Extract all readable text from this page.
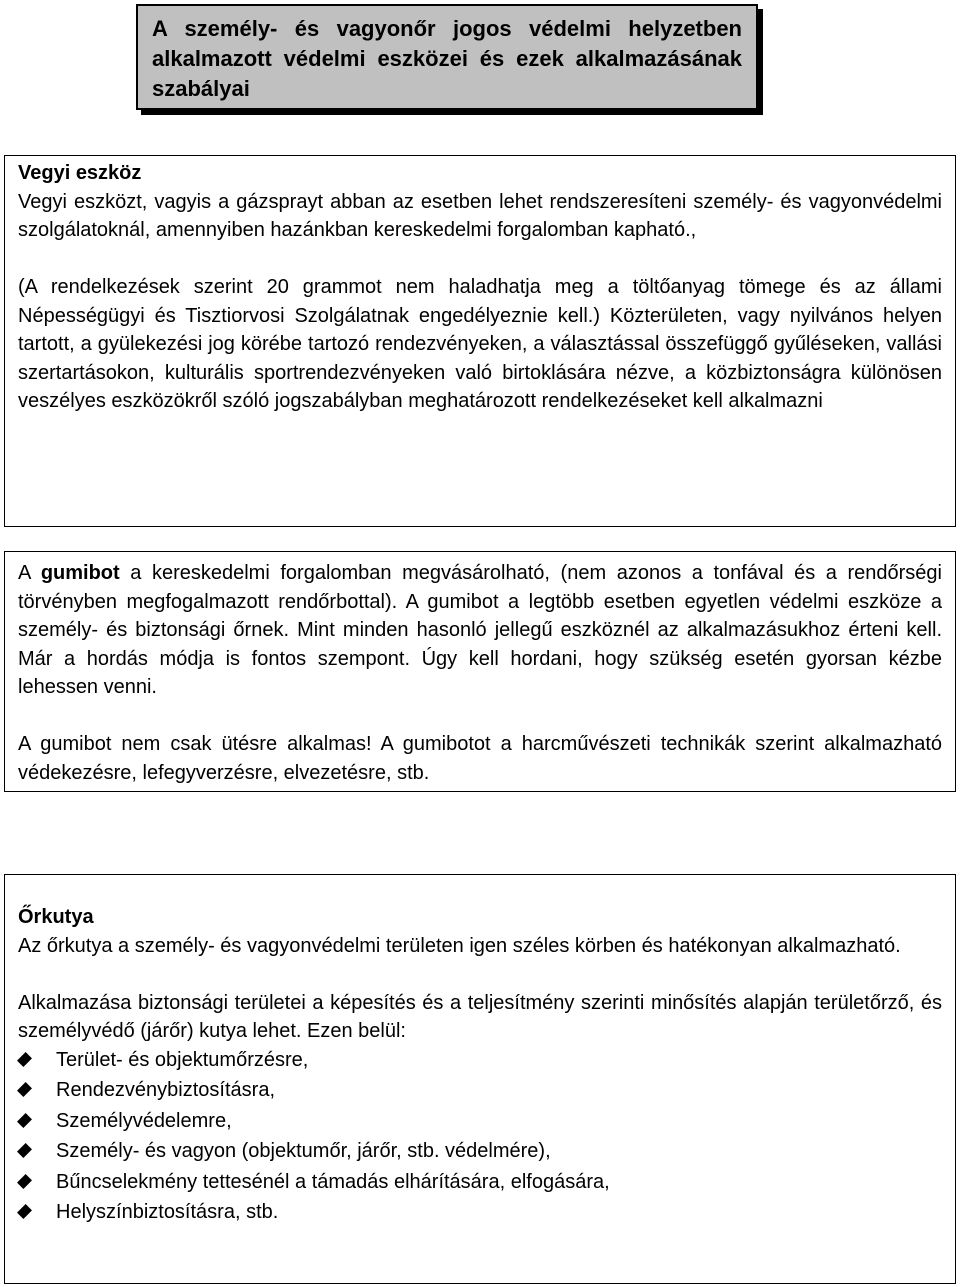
A személy- és vagyonőr jogos védelmi helyzetben alkalmazott védelmi eszközei és ezek alkalmazásának szabályai

Vegyi eszköz

Vegyi eszközt, vagyis a gázsprayt abban az esetben lehet rendszeresíteni személy- és vagyonvédelmi szolgálatoknál, amennyiben hazánkban kereskedelmi forgalomban kapható.,

(A rendelkezések szerint 20 grammot nem haladhatja meg a töltőanyag tömege és az állami Népességügyi és Tisztiorvosi Szolgálatnak engedélyeznie kell.) Közterületen, vagy nyilvános helyen tartott, a gyülekezési jog körébe tartozó rendezvényeken, a választással összefüggő gyűléseken, vallási szertartásokon, kulturális sportrendezvényeken való birtoklására nézve, a közbiztonságra különösen veszélyes eszközökről szóló jogszabályban meghatározott rendelkezéseket kell alkalmazni

A gumibot a kereskedelmi forgalomban megvásárolható, (nem azonos a tonfával és a rendőrségi törvényben megfogalmazott rendőrbottal). A gumibot a legtöbb esetben egyetlen védelmi eszköze a személy- és biztonsági őrnek. Mint minden hasonló jellegű eszköznél az alkalmazásukhoz érteni kell. Már a hordás módja is fontos szempont. Úgy kell hordani, hogy szükség esetén gyorsan kézbe lehessen venni.

A gumibot nem csak ütésre alkalmas! A gumibotot a harcművészeti technikák szerint alkalmazható védekezésre, lefegyverzésre, elvezetésre, stb.

Őrkutya

Az őrkutya a személy- és vagyonvédelmi területen igen széles körben és hatékonyan alkalmazható.

Alkalmazása biztonsági területei a képesítés és a teljesítmény szerinti minősítés alapján területőrző, és személyvédő (járőr) kutya lehet. Ezen belül:

Terület- és objektumőrzésre,
Rendezvénybiztosításra,
Személyvédelemre,
Személy- és vagyon (objektumőr, járőr, stb. védelmére),
Bűncselekmény tettesénél a támadás elhárítására, elfogására,
Helyszínbiztosításra, stb.
